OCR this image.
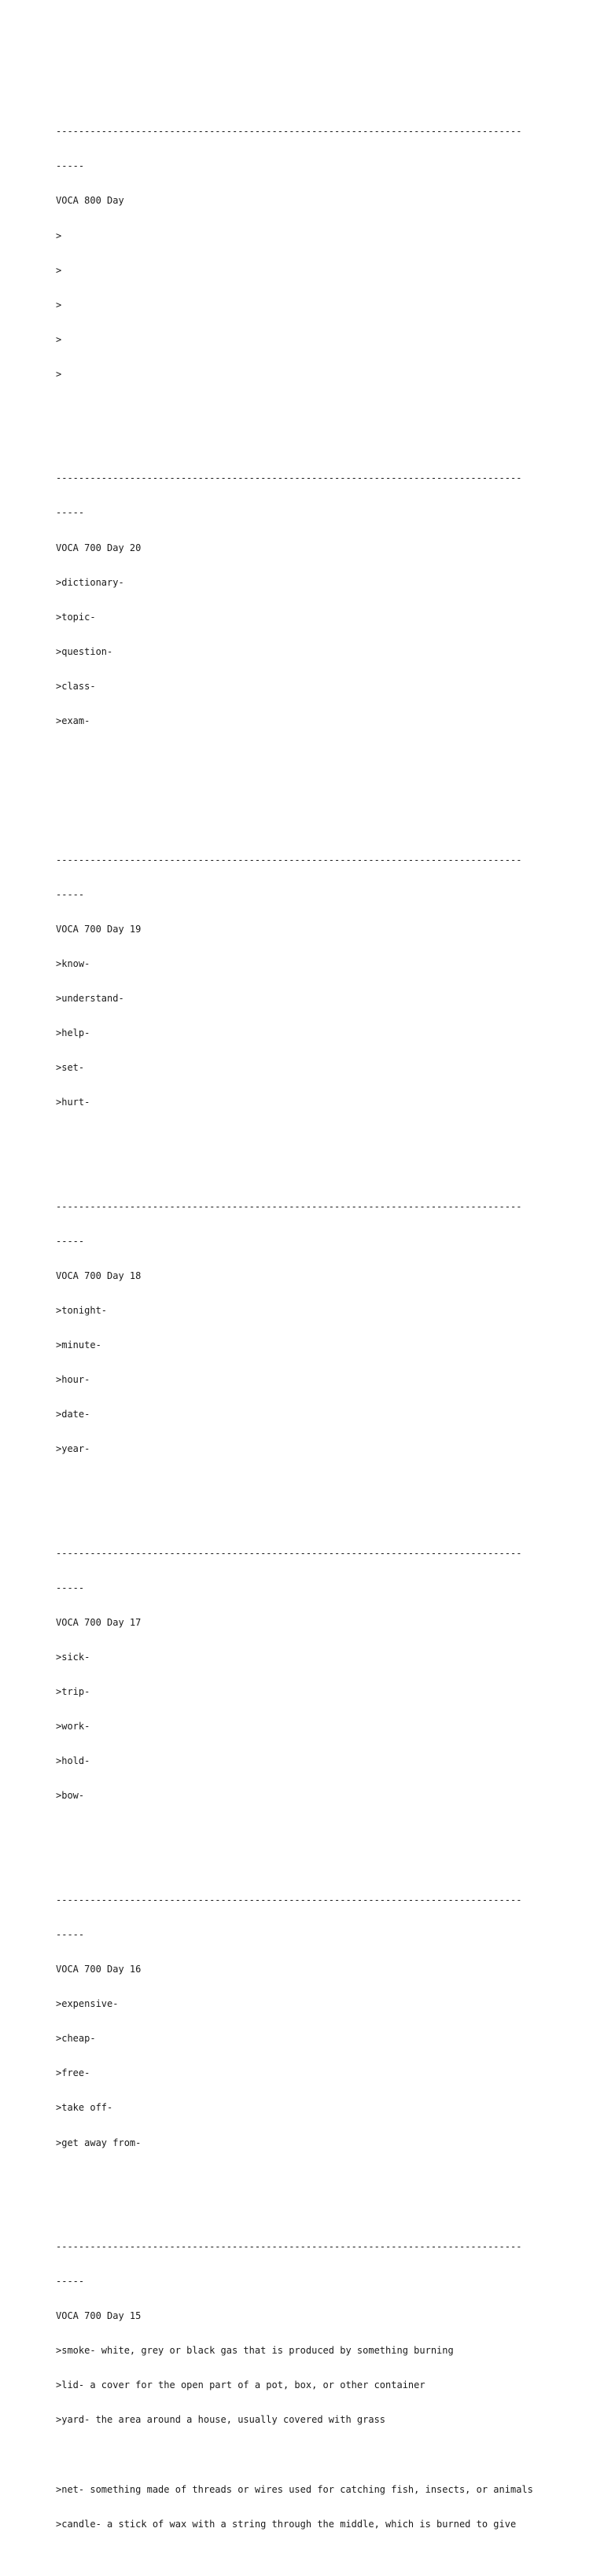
----------------------------------------------------------------------------------

-----

VOCA 800 Day

>

>

>

>

>

----------------------------------------------------------------------------------

-----

VOCA 700 Day 20

>dictionary-

>topic-

>question-

>class-

>exam-

----------------------------------------------------------------------------------

-----

VOCA 700 Day 19

>know-

>understand-

>help-

>set-

>hurt-

----------------------------------------------------------------------------------

-----

VOCA 700 Day 18

>tonight-

>minute-

>hour-

>date-

>year-

----------------------------------------------------------------------------------

-----

VOCA 700 Day 17

>sick-

>trip-

>work-

>hold-

>bow-

----------------------------------------------------------------------------------

-----

VOCA 700 Day 16

>expensive-

>cheap-

>free-

>take off-

>get away from-

----------------------------------------------------------------------------------

-----

VOCA 700 Day 15

>smoke- white, grey or black gas that is produced by something burning

>lid- a cover for the open part of a pot, box, or other container

>yard- the area around a house, usually covered with grass

>net- something made of threads or wires used for catching fish, insects, or animals

>candle- a stick of wax with a string through the middle, which is burned to give
